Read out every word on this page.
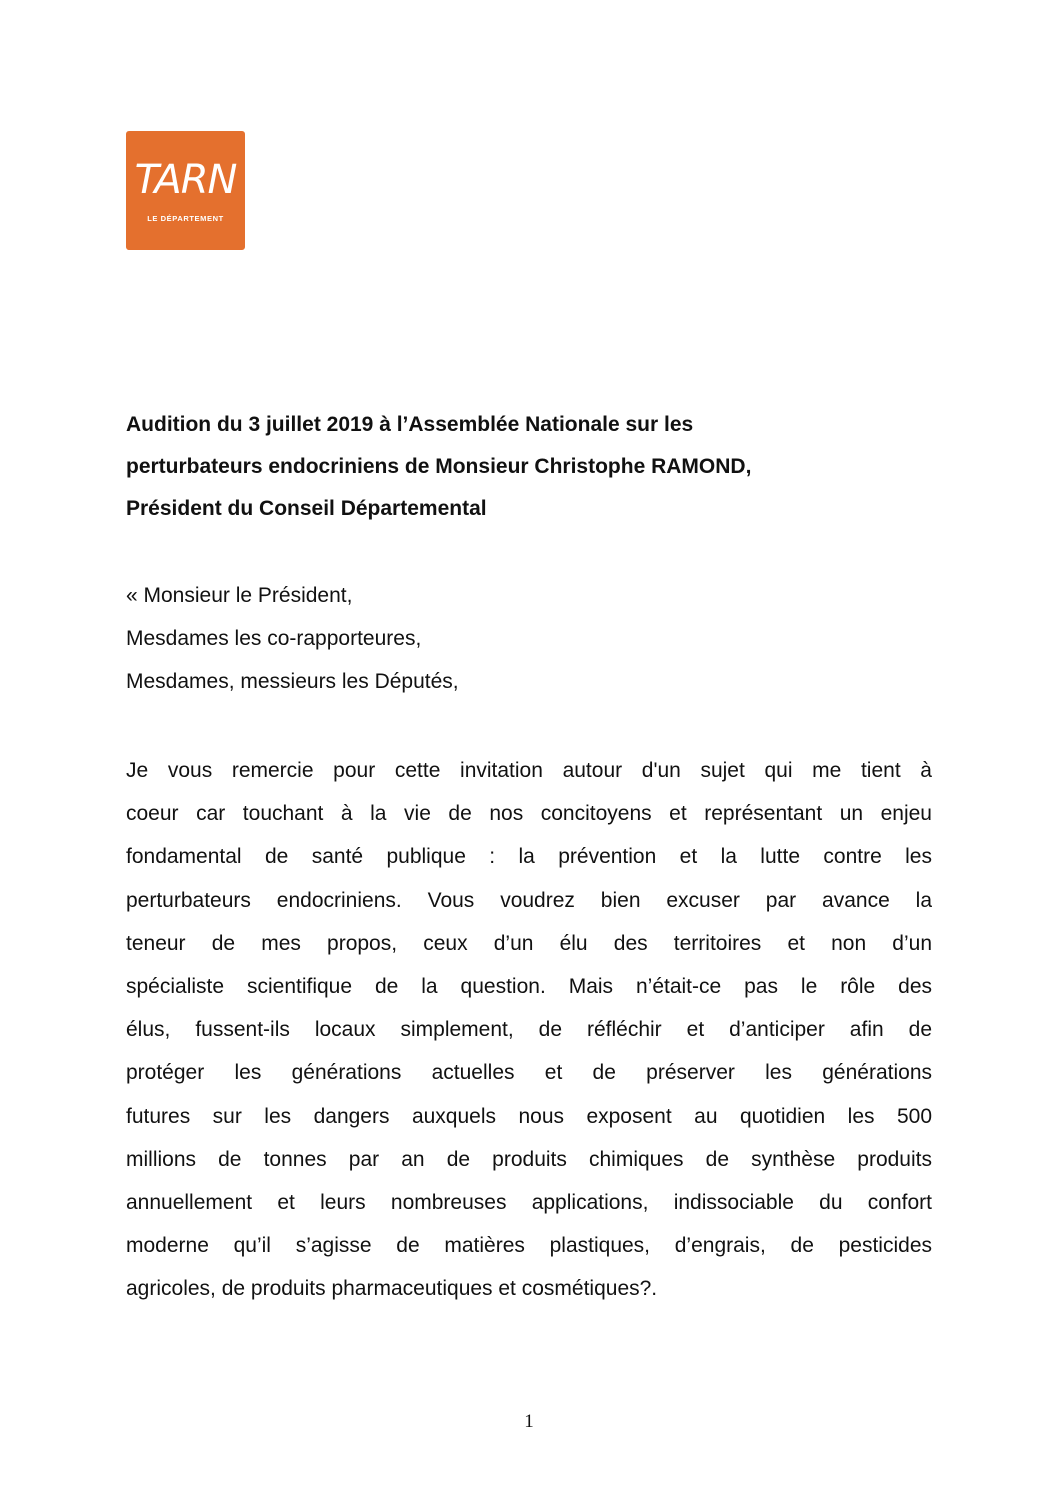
TARN
LE DÉPARTEMENT
Audition du 3 juillet 2019 à l’Assemblée Nationale sur les
perturbateurs endocriniens de Monsieur Christophe RAMOND,
Président du Conseil Départemental

« Monsieur le Président,
Mesdames les co-rapporteures,
Mesdames, messieurs les Députés,

Je vous remercie pour cette invitation autour d'un sujet qui me tient à
coeur car touchant à la vie de nos concitoyens et représentant un enjeu
fondamental de santé publique : la prévention et la lutte contre les
perturbateurs endocriniens. Vous voudrez bien excuser par avance la
teneur de mes propos, ceux d’un élu des territoires et non d’un
spécialiste scientifique de la question. Mais n’était-ce pas le rôle des
élus, fussent-ils locaux simplement, de réfléchir et d’anticiper afin de
protéger les générations actuelles et de préserver les générations
futures sur les dangers auxquels nous exposent au quotidien les 500
millions de tonnes par an de produits chimiques de synthèse produits
annuellement et leurs nombreuses applications, indissociable du confort
moderne qu’il s’agisse de matières plastiques, d’engrais, de pesticides
agricoles, de produits pharmaceutiques et cosmétiques?.

1
